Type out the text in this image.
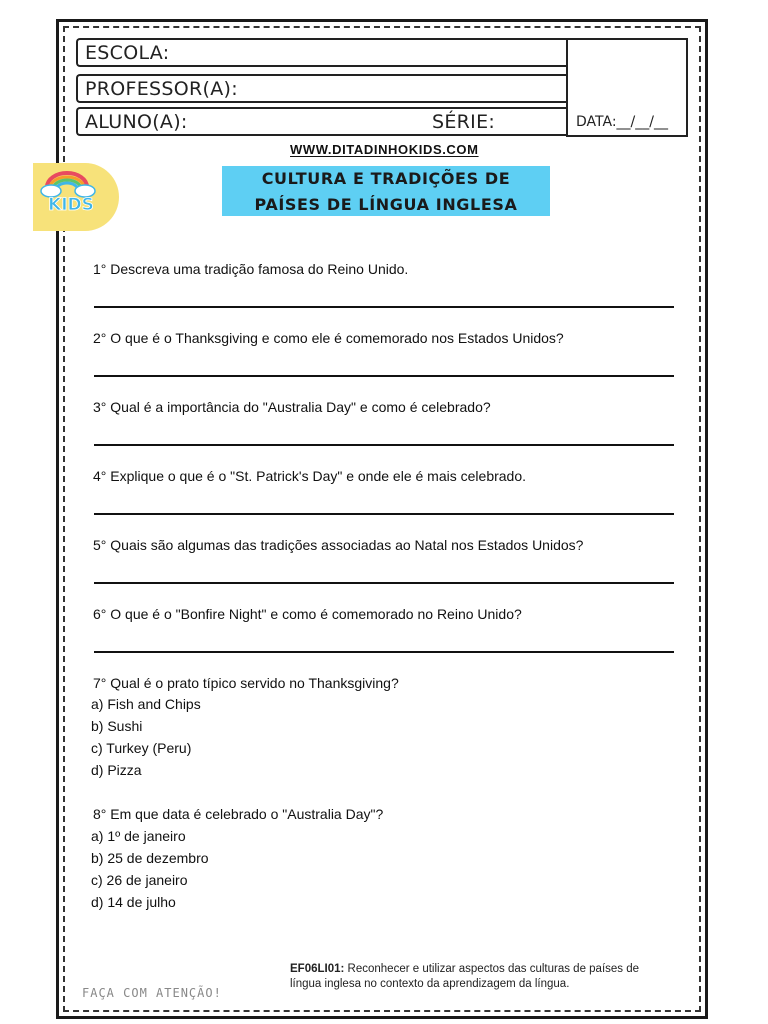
ESCOLA:
PROFESSOR(A):
ALUNO(A):	SÉRIE:	DATA:__/__/__
WWW.DITADINHOKIDS.COM
KIDS
CULTURA E TRADIÇÕES DE
PAÍSES DE LÍNGUA INGLESA
1° Descreva uma tradição famosa do Reino Unido.
2° O que é o Thanksgiving e como ele é comemorado nos Estados Unidos?
3° Qual é a importância do "Australia Day" e como é celebrado?
4° Explique o que é o "St. Patrick's Day" e onde ele é mais celebrado.
5° Quais são algumas das tradições associadas ao Natal nos Estados Unidos?
6° O que é o "Bonfire Night" e como é comemorado no Reino Unido?
7° Qual é o prato típico servido no Thanksgiving?
a) Fish and Chips
b) Sushi
c) Turkey (Peru)
d) Pizza
8° Em que data é celebrado o "Australia Day"?
a) 1º de janeiro
b) 25 de dezembro
c) 26 de janeiro
d) 14 de julho
FAÇA COM ATENÇÃO!
EF06LI01: Reconhecer e utilizar aspectos das culturas de países de língua inglesa no contexto da aprendizagem da língua.
